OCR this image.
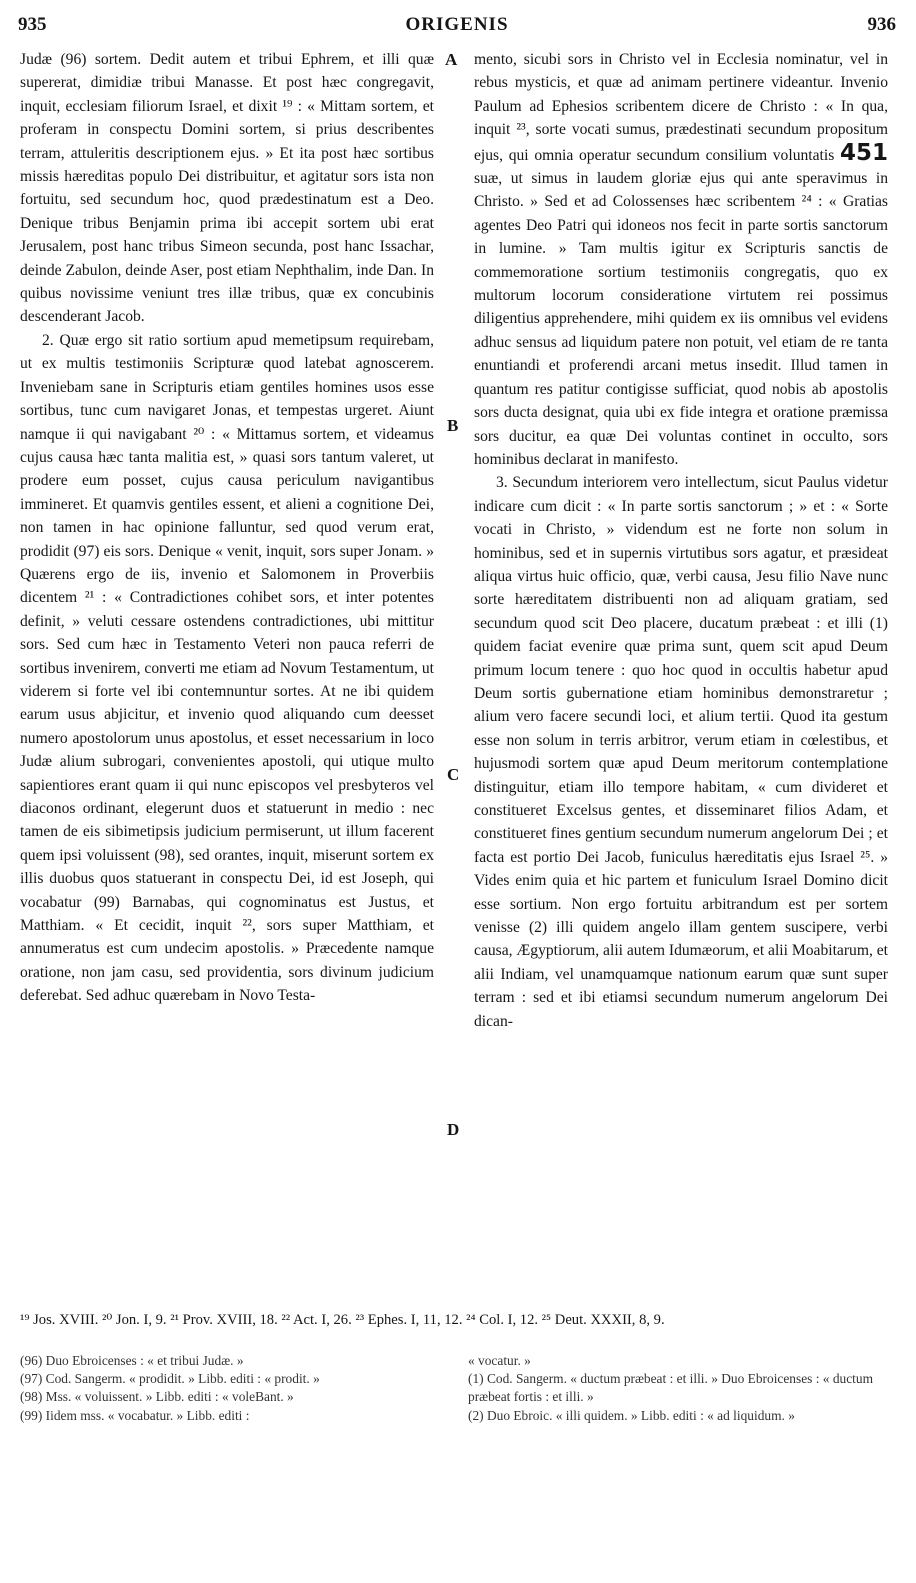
935	ORIGENIS	936

Judæ (96) sortem. Dedit autem et tribui Ephrem, et illi quæ supererat, dimidiæ tribui Manasse. Et post hæc congregavit, inquit, ecclesiam filiorum Israel, et dixit ¹⁹ : « Mittam sortem, et proferam in conspectu Domini sortem, si prius describentes terram, attuleritis descriptionem ejus. » Et ita post hæc sortibus missis hæreditas populo Dei distribuitur, et agitatur sors ista non fortuitu, sed secundum hoc, quod prædestinatum est a Deo. Denique tribus Benjamin prima ibi accepit sortem ubi erat Jerusalem, post hanc tribus Simeon secunda, post hanc Issachar, deinde Zabulon, deinde Aser, post etiam Nephthalim, inde Dan. In quibus novissime veniunt tres illæ tribus, quæ ex concubinis descenderant Jacob.

2. Quæ ergo sit ratio sortium apud memetipsum requirebam, ut ex multis testimoniis Scripturæ quod latebat agnoscerem. Inveniebam sane in Scripturis etiam gentiles homines usos esse sortibus, tunc cum navigaret Jonas, et tempestas urgeret. Aiunt namque ii qui navigabant ²⁰ : « Mittamus sortem, et videamus cujus causa hæc tanta malitia est, » quasi sors tantum valeret, ut prodere eum posset, cujus causa periculum navigantibus immineret. Et quamvis gentiles essent, et alieni a cognitione Dei, non tamen in hac opinione falluntur, sed quod verum erat, prodidit (97) eis sors. Denique « venit, inquit, sors super Jonam. » Quærens ergo de iis, invenio et Salomonem in Proverbiis dicentem ²¹ : « Contradictiones cohibet sors, et inter potentes definit, » veluti cessare ostendens contradictiones, ubi mittitur sors. Sed cum hæc in Testamento Veteri non pauca referri de sortibus invenirem, converti me etiam ad Novum Testamentum, ut viderem si forte vel ibi contemnuntur sortes. At ne ibi quidem earum usus abjicitur, et invenio quod aliquando cum deesset numero apostolorum unus apostolus, et esset necessarium in loco Judæ alium subrogari, convenientes apostoli, qui utique multo sapientiores erant quam ii qui nunc episcopos vel presbyteros vel diaconos ordinant, elegerunt duos et statuerunt in medio : nec tamen de eis sibimetipsis judicium permiserunt, ut illum facerent quem ipsi voluissent (98), sed orantes, inquit, miserunt sortem ex illis duobus quos statuerant in conspectu Dei, id est Joseph, qui vocabatur (99) Barnabas, qui cognominatus est Justus, et Matthiam. « Et cecidit, inquit ²², sors super Matthiam, et annumeratus est cum undecim apostolis. » Præcedente namque oratione, non jam casu, sed providentia, sors divinum judicium deferebat. Sed adhuc quærebam in Novo Testa-

A
B
C
D

mento, sicubi sors in Christo vel in Ecclesia nominatur, vel in rebus mysticis, et quæ ad animam pertinere videantur. Invenio Paulum ad Ephesios scribentem dicere de Christo : « In qua, inquit ²³, sorte vocati sumus, prædestinati secundum propositum ejus, qui omnia operatur secundum consilium voluntatis 451 suæ, ut simus in laudem gloriæ ejus qui ante speravimus in Christo. » Sed et ad Colossenses hæc scribentem ²⁴ : « Gratias agentes Deo Patri qui idoneos nos fecit in parte sortis sanctorum in lumine. » Tam multis igitur ex Scripturis sanctis de commemoratione sortium testimoniis congregatis, quo ex multorum locorum consideratione virtutem rei possimus diligentius apprehendere, mihi quidem ex iis omnibus vel evidens adhuc sensus ad liquidum patere non potuit, vel etiam de re tanta enuntiandi et proferendi arcani metus insedit. Illud tamen in quantum res patitur contigisse sufficiat, quod nobis ab apostolis sors ducta designat, quia ubi ex fide integra et oratione præmissa sors ducitur, ea quæ Dei voluntas continet in occulto, sors hominibus declarat in manifesto.

3. Secundum interiorem vero intellectum, sicut Paulus videtur indicare cum dicit : « In parte sortis sanctorum ; » et : « Sorte vocati in Christo, » videndum est ne forte non solum in hominibus, sed et in supernis virtutibus sors agatur, et præsideat aliqua virtus huic officio, quæ, verbi causa, Jesu filio Nave nunc sorte hæreditatem distribuenti non ad aliquam gratiam, sed secundum quod scit Deo placere, ducatum præbeat : et illi (1) quidem faciat evenire quæ prima sunt, quem scit apud Deum primum locum tenere : quo hoc quod in occultis habetur apud Deum sortis gubernatione etiam hominibus demonstraretur ; alium vero facere secundi loci, et alium tertii. Quod ita gestum esse non solum in terris arbitror, verum etiam in cœlestibus, et hujusmodi sortem quæ apud Deum meritorum contemplatione distinguitur, etiam illo tempore habitam, « cum divideret et constitueret Excelsus gentes, et disseminaret filios Adam, et constitueret fines gentium secundum numerum angelorum Dei ; et facta est portio Dei Jacob, funiculus hæreditatis ejus Israel ²⁵. » Vides enim quia et hic partem et funiculum Israel Domino dicit esse sortium. Non ergo fortuitu arbitrandum est per sortem venisse (2) illi quidem angelo illam gentem suscipere, verbi causa, Ægyptiorum, alii autem Idumæorum, et alii Moabitarum, et alii Indiam, vel unamquamque nationum earum quæ sunt super terram : sed et ibi etiamsi secundum numerum angelorum Dei dican-

¹⁹ Jos. XVIII. ²⁰ Jon. I, 9. ²¹ Prov. XVIII, 18. ²² Act. I, 26. ²³ Ephes. I, 11, 12. ²⁴ Col. I, 12. ²⁵ Deut. XXXII, 8, 9.

(96) Duo Ebroicenses : « et tribui Judæ. »

(97) Cod. Sangerm. « prodidit. » Libb. editi : « prodit. »

(98) Mss. « voluissent. » Libb. editi : « voleBant. »

(99) Iidem mss. « vocabatur. » Libb. editi :

« vocatur. »

(1) Cod. Sangerm. « ductum præbeat : et illi. » Duo Ebroicenses : « ductum præbeat fortis : et illi. »

(2) Duo Ebroic. « illi quidem. » Libb. editi : « ad liquidum. »
